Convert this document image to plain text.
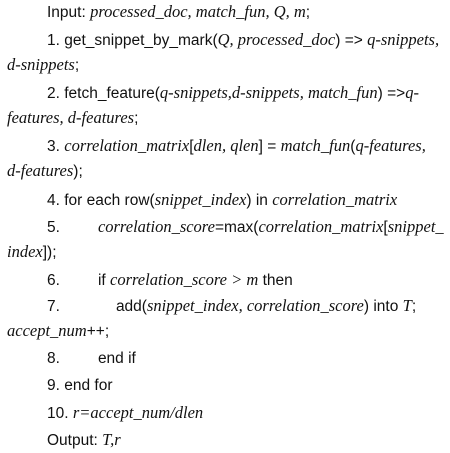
Input: processed_doc, match_fun, Q, m;
1. get_snippet_by_mark(Q, processed_doc) => q-snippets,
d-snippets;
2. fetch_feature(q-snippets,d-snippets, match_fun) =>q-
features, d-features;
3. correlation_matrix[dlen, qlen] = match_fun(q-features,
d-features);
4. for each row(snippet_index) in correlation_matrix
5. correlation_score=max(correlation_matrix[snippet_
index]);
6. if correlation_score > m then
7.	add(snippet_index, correlation_score) into T;
accept_num++;
8. end if
9. end for
10. r=accept_num/dlen
Output: T,r
